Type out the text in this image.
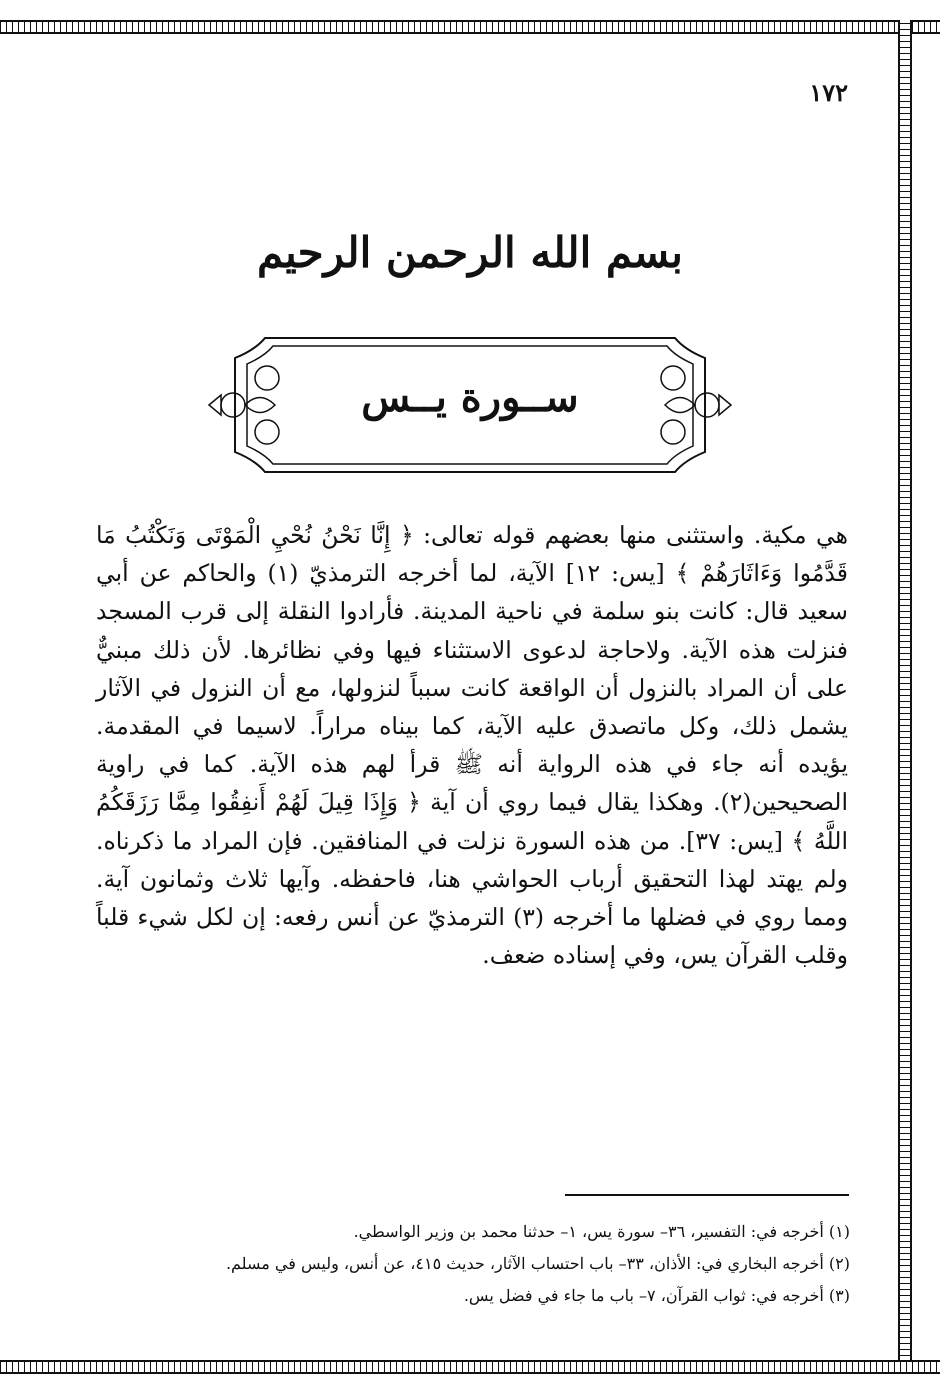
١٧٢
بسم الله الرحمن الرحيم
ســورة يــس

هي مكية. واستثنى منها بعضهم قوله تعالى: ﴿ إِنَّا نَحْنُ نُحْيِ الْمَوْتَى وَنَكْتُبُ مَا قَدَّمُوا وَءَاثَارَهُمْ ﴾ [يس: ١٢] الآية، لما أخرجه الترمذيّ (١) والحاكم عن أبي سعيد قال: كانت بنو سلمة في ناحية المدينة. فأرادوا النقلة إلى قرب المسجد فنزلت هذه الآية. ولاحاجة لدعوى الاستثناء فيها وفي نظائرها. لأن ذلك مبنيٌّ على أن المراد بالنزول أن الواقعة كانت سبباً لنزولها، مع أن النزول في الآثار يشمل ذلك، وكل ماتصدق عليه الآية، كما بيناه مراراً. لاسيما في المقدمة. يؤيده أنه جاء في هذه الرواية أنه ﷺ قرأ لهم هذه الآية. كما في راوية الصحيحين(٢). وهكذا يقال فيما روي أن آية ﴿ وَإِذَا قِيلَ لَهُمْ أَنفِقُوا مِمَّا رَزَقَكُمُ اللَّهُ ﴾ [يس: ٣٧]. من هذه السورة نزلت في المنافقين. فإن المراد ما ذكرناه. ولم يهتد لهذا التحقيق أرباب الحواشي هنا، فاحفظه. وآيها ثلاث وثمانون آية. ومما روي في فضلها ما أخرجه (٣) الترمذيّ عن أنس رفعه: إن لكل شيء قلباً وقلب القرآن يس، وفي إسناده ضعف.

(١) أخرجه في: التفسير، ٣٦– سورة يس، ١– حدثنا محمد بن وزير الواسطي.
(٢) أخرجه البخاري في: الأذان، ٣٣– باب احتساب الآثار، حديث ٤١٥، عن أنس، وليس في مسلم.
(٣) أخرجه في: ثواب القرآن، ٧– باب ما جاء في فضل يس.
